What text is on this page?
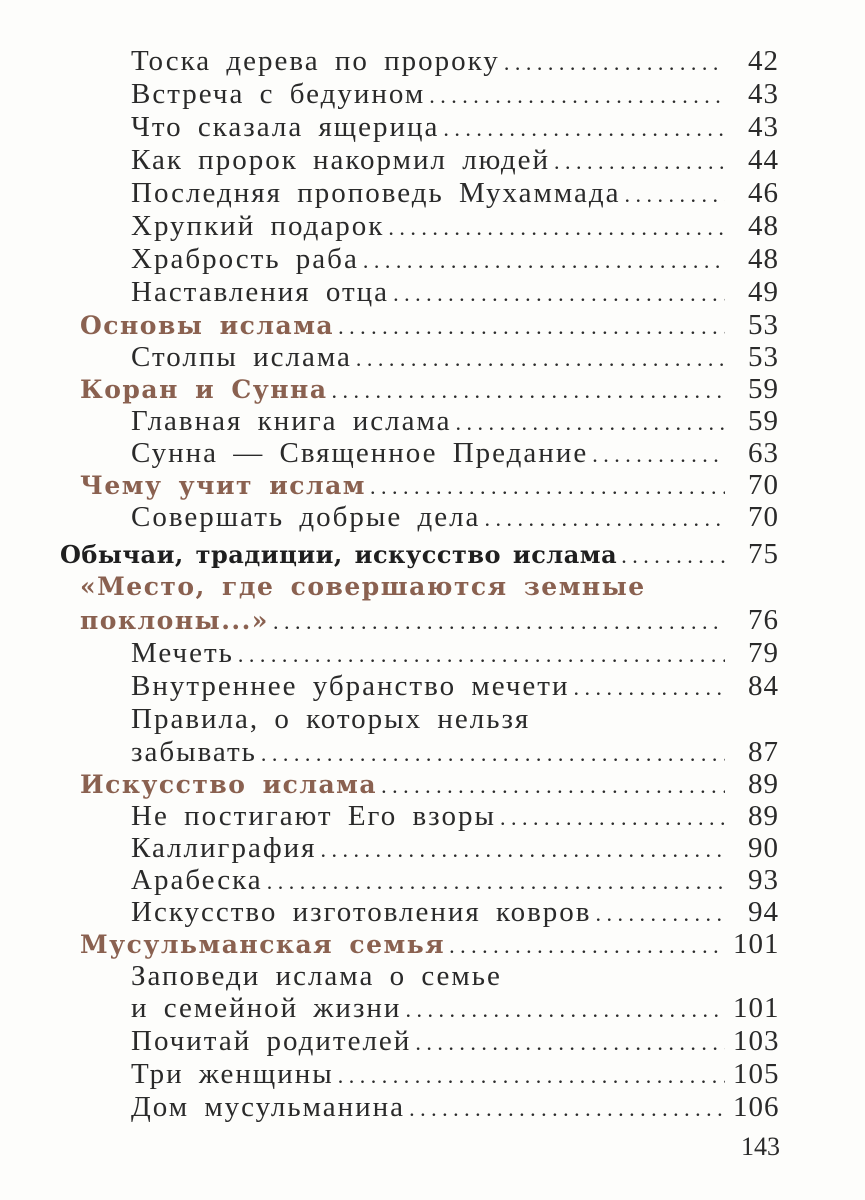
Тоска дерева по пророку . . .	42
Встреча с бедуином . . .	43
Что сказала ящерица . . .	43
Как пророк накормил людей . . .	44
Последняя проповедь Мухаммада . . .	46
Хрупкий подарок . . .	48
Храбрость раба . . .	48
Наставления отца . . .	49
Основы ислама . . .	53
Столпы ислама . . .	53
Коран и Сунна . . .	59
Главная книга ислама . . .	59
Сунна — Священное Предание . . .	63
Чему учит ислам . . .	70
Совершать добрые дела . . .	70
Обычаи, традиции, искусство ислама . . .	75
«Место, где совершаются земные
поклоны...» . . .	76
Мечеть . . .	79
Внутреннее убранство мечети . . .	84
Правила, о которых нельзя
забывать . . .	87
Искусство ислама . . .	89
Не постигают Его взоры . . .	89
Каллиграфия . . .	90
Арабеска . . .	93
Искусство изготовления ковров . . .	94
Мусульманская семья . . .	101
Заповеди ислама о семье
и семейной жизни . . .	101
Почитай родителей . . .	103
Три женщины . . .	105
Дом мусульманина . . .	106
143
